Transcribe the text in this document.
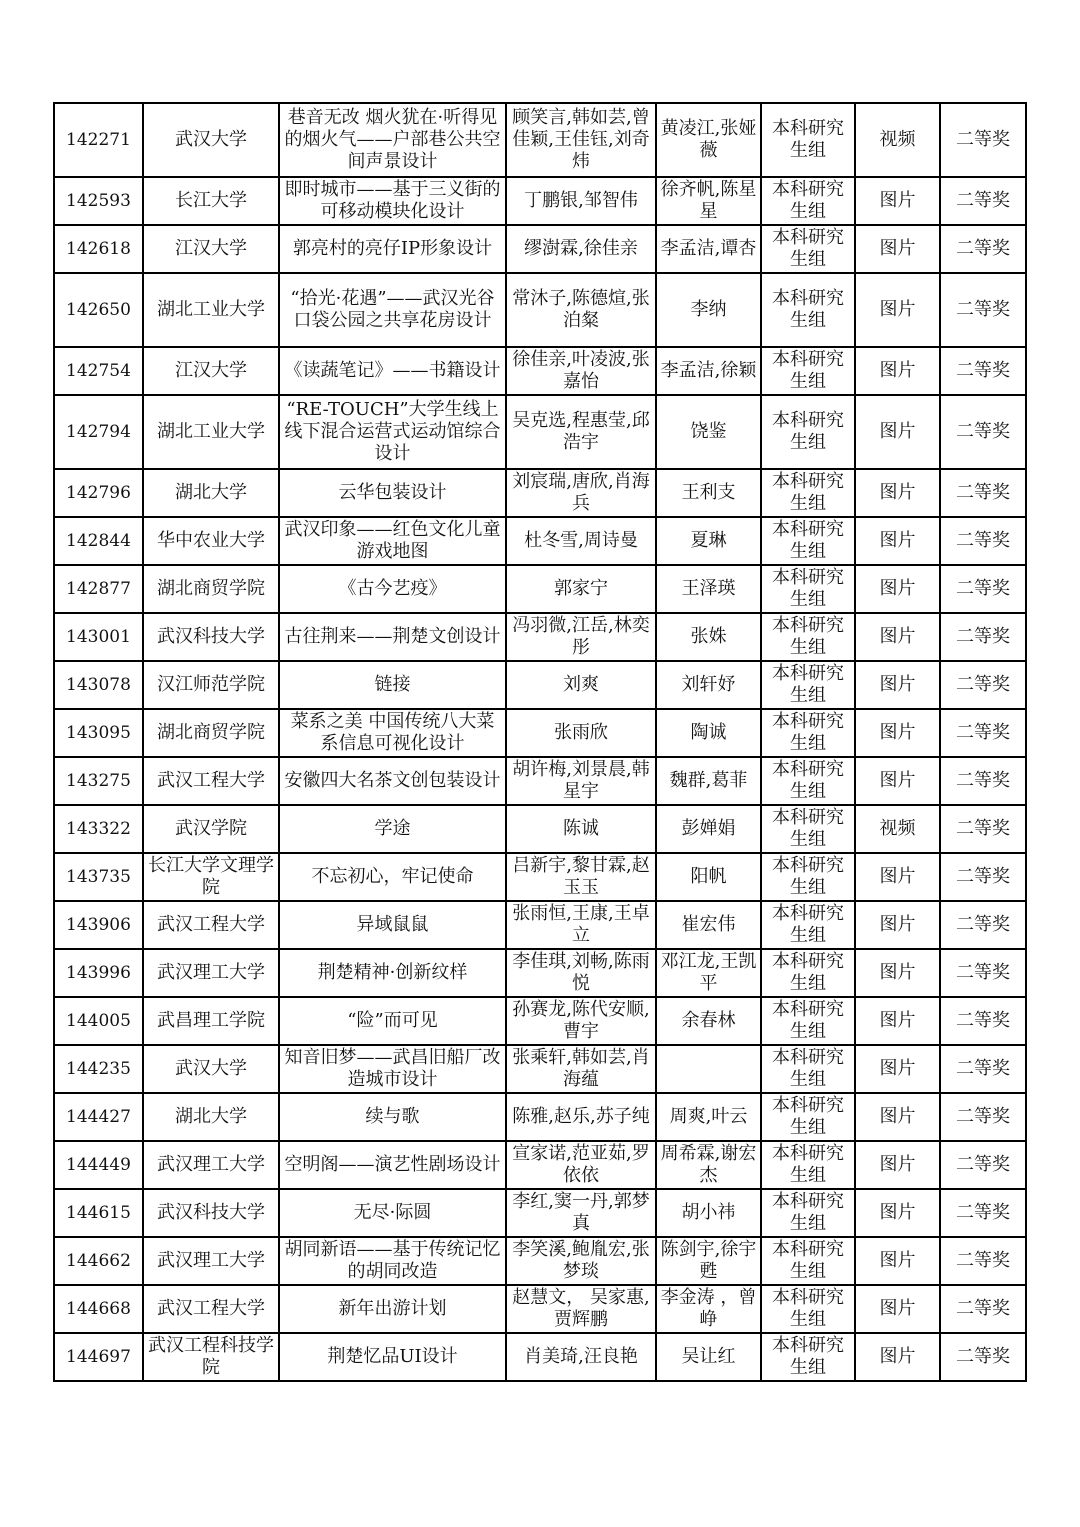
142271	武汉大学	巷音无改 烟火犹在·听得见的烟火气——户部巷公共空间声景设计	顾笑言,韩如芸,曾佳颖,王佳钰,刘奇炜	黄凌江,张娅薇	本科研究生组	视频	二等奖
142593	长江大学	即时城市——基于三义街的可移动模块化设计	丁鹏银,邹智伟	徐齐帆,陈星星	本科研究生组	图片	二等奖
142618	江汉大学	郭亮村的亮仔IP形象设计	缪澍霖,徐佳亲	李孟洁,谭杏	本科研究生组	图片	二等奖
142650	湖北工业大学	“拾光·花遇”——武汉光谷口袋公园之共享花房设计	常沐子,陈德煊,张泊粲	李纳	本科研究生组	图片	二等奖
142754	江汉大学	《读蔬笔记》——书籍设计	徐佳亲,叶凌波,张嘉怡	李孟洁,徐颖	本科研究生组	图片	二等奖
142794	湖北工业大学	“RE-TOUCH”大学生线上线下混合运营式运动馆综合设计	吴克选,程惠莹,邱浩宇	饶鉴	本科研究生组	图片	二等奖
142796	湖北大学	云华包装设计	刘宸瑞,唐欣,肖海兵	王利支	本科研究生组	图片	二等奖
142844	华中农业大学	武汉印象——红色文化儿童游戏地图	杜冬雪,周诗曼	夏琳	本科研究生组	图片	二等奖
142877	湖北商贸学院	《古今艺疫》	郭家宁	王泽瑛	本科研究生组	图片	二等奖
143001	武汉科技大学	古往荆来——荆楚文创设计	冯羽微,江岳,林奕彤	张姝	本科研究生组	图片	二等奖
143078	汉江师范学院	链接	刘爽	刘轩妤	本科研究生组	图片	二等奖
143095	湖北商贸学院	菜系之美 中国传统八大菜系信息可视化设计	张雨欣	陶诚	本科研究生组	图片	二等奖
143275	武汉工程大学	安徽四大名茶文创包装设计	胡许梅,刘景晨,韩星宇	魏群,葛菲	本科研究生组	图片	二等奖
143322	武汉学院	学途	陈诚	彭婵娟	本科研究生组	视频	二等奖
143735	长江大学文理学院	不忘初心，牢记使命	吕新宇,黎甘霖,赵玉玉	阳帆	本科研究生组	图片	二等奖
143906	武汉工程大学	异域鼠鼠	张雨恒,王康,王卓立	崔宏伟	本科研究生组	图片	二等奖
143996	武汉理工大学	荆楚精神·创新纹样	李佳琪,刘畅,陈雨悦	邓江龙,王凯平	本科研究生组	图片	二等奖
144005	武昌理工学院	“险”而可见	孙赛龙,陈代安顺,曹宇	余春林	本科研究生组	图片	二等奖
144235	武汉大学	知音旧梦——武昌旧船厂改造城市设计	张乘轩,韩如芸,肖海蕴		本科研究生组	图片	二等奖
144427	湖北大学	续与歌	陈雅,赵乐,苏子纯	周爽,叶云	本科研究生组	图片	二等奖
144449	武汉理工大学	空明阁——演艺性剧场设计	宣家诺,范亚茹,罗依依	周希霖,谢宏杰	本科研究生组	图片	二等奖
144615	武汉科技大学	无尽·际圆	李红,窦一丹,郭梦真	胡小祎	本科研究生组	图片	二等奖
144662	武汉理工大学	胡同新语——基于传统记忆的胡同改造	李笑溪,鲍胤宏,张梦琰	陈剑宇,徐宇甦	本科研究生组	图片	二等奖
144668	武汉工程大学	新年出游计划	赵慧文， 吴家惠,贾辉鹏	李金涛 ，曾峥	本科研究生组	图片	二等奖
144697	武汉工程科技学院	荆楚忆品UI设计	肖美琦,汪良艳	吴让红	本科研究生组	图片	二等奖
